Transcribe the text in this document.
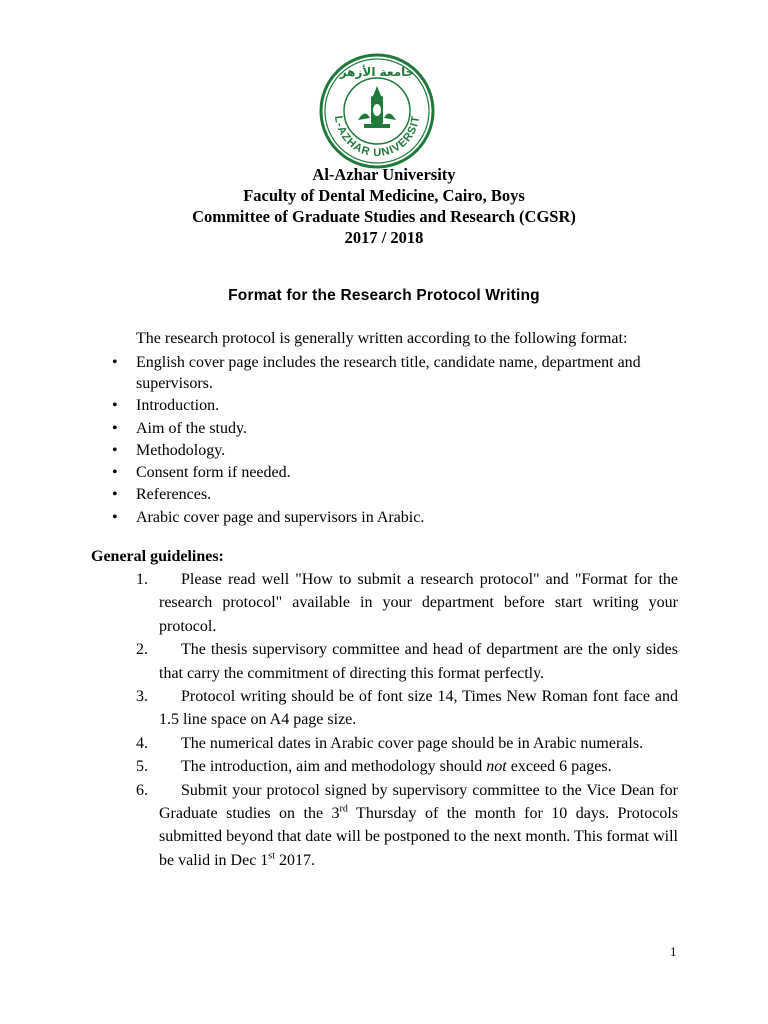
L-AZHAR UNIVERSIT
جامعة الأزهر
Al-Azhar University
Faculty of Dental Medicine, Cairo, Boys
Committee of Graduate Studies and Research (CGSR)
2017 / 2018
Format for the Research Protocol Writing
The research protocol is generally written according to the following format:
• English cover page includes the research title, candidate name, department and supervisors.
• Introduction.
• Aim of the study.
• Methodology.
• Consent form if needed.
• References.
• Arabic cover page and supervisors in Arabic.
General guidelines:
1.	Please read well "How to submit a research protocol" and "Format for the research protocol" available in your department before start writing your protocol.
2.	The thesis supervisory committee and head of department are the only sides that carry the commitment of directing this format perfectly.
3.	Protocol writing should be of font size 14, Times New Roman font face and 1.5 line space on A4 page size.
4.	The numerical dates in Arabic cover page should be in Arabic numerals.
5.	The introduction, aim and methodology should not exceed 6 pages.
6.	Submit your protocol signed by supervisory committee to the Vice Dean for Graduate studies on the 3rd Thursday of the month for 10 days. Protocols submitted beyond that date will be postponed to the next month. This format will be valid in Dec 1st 2017.
1
